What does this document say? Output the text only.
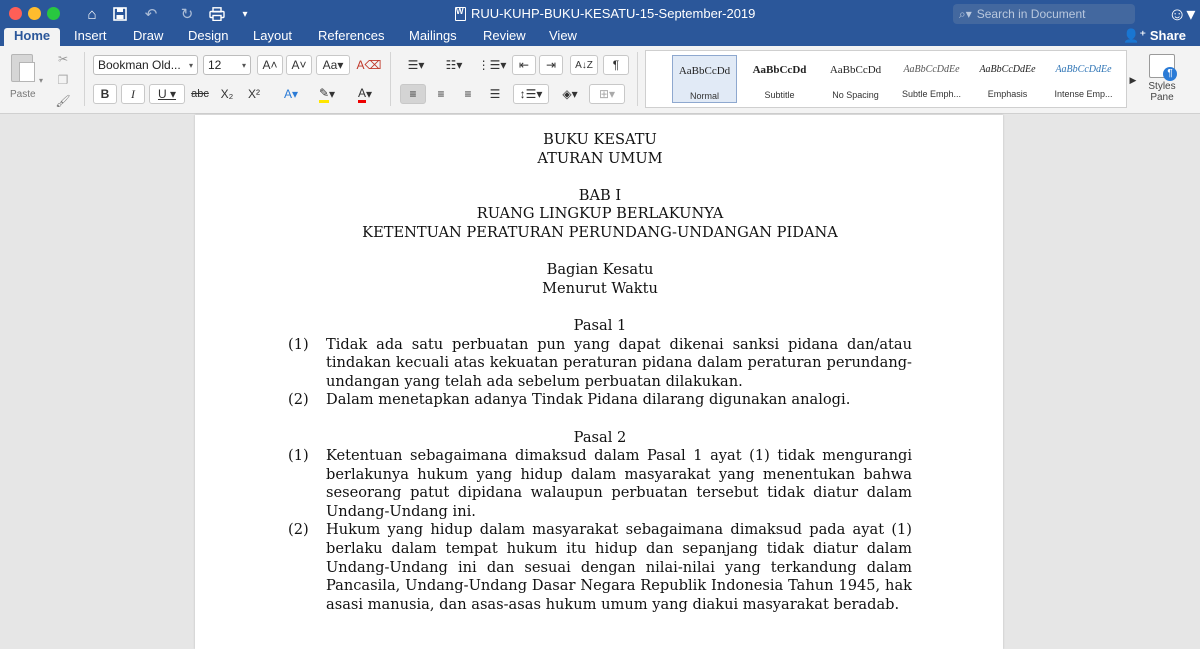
⌂	↶	↻	▾
W	RUU-KUHP-BUKU-KESATU-15-September-2019	⌕▾ Search in Document	☺▾
Home	Insert Draw Design Layout References Mailings Review View	👤⁺ Share
Paste
▾
✂
❐
🖌
Bookman Old... ▾ 12	▾	A˄	A˅	Aa▾	A⌫
B	I	U ▾	abc X₂	X²	A▾	✎ ▾	A ▾
☰▾	☷▾	⋮☰▾	⇤	⇥	A↓Z	¶
≡	≡	≡	☰	↕☰▾	◈▾	⊞▾
AaBbCcDd
Normal
AaBbCcDd
Subtitle
AaBbCcDd
No Spacing
AaBbCcDdEe
Subtle Emph...
AaBbCcDdEe
Emphasis
AaBbCcDdEe
Intense Emp...
▶
¶
Styles
Pane
BUKU KESATU
ATURAN UMUM
BAB I
RUANG LINGKUP BERLAKUNYA
KETENTUAN PERATURAN PERUNDANG-UNDANGAN PIDANA
Bagian Kesatu
Menurut Waktu
Pasal 1
(1)	Tidak ada satu perbuatan pun yang dapat dikenai sanksi pidana dan/atau tindakan kecuali atas kekuatan peraturan pidana dalam peraturan perundang-undangan yang telah ada sebelum perbuatan dilakukan.
(2)	Dalam menetapkan adanya Tindak Pidana dilarang digunakan analogi.
Pasal 2
(1)	Ketentuan sebagaimana dimaksud dalam Pasal 1 ayat (1) tidak mengurangi berlakunya hukum yang hidup dalam masyarakat yang menentukan bahwa seseorang patut dipidana walaupun perbuatan tersebut tidak diatur dalam Undang-Undang ini.
(2)	Hukum yang hidup dalam masyarakat sebagaimana dimaksud pada ayat (1) berlaku dalam tempat hukum itu hidup dan sepanjang tidak diatur dalam Undang-Undang ini dan sesuai dengan nilai-nilai yang terkandung dalam Pancasila, Undang-Undang Dasar Negara Republik Indonesia Tahun 1945, hak asasi manusia, dan asas-asas hukum umum yang diakui masyarakat beradab.
